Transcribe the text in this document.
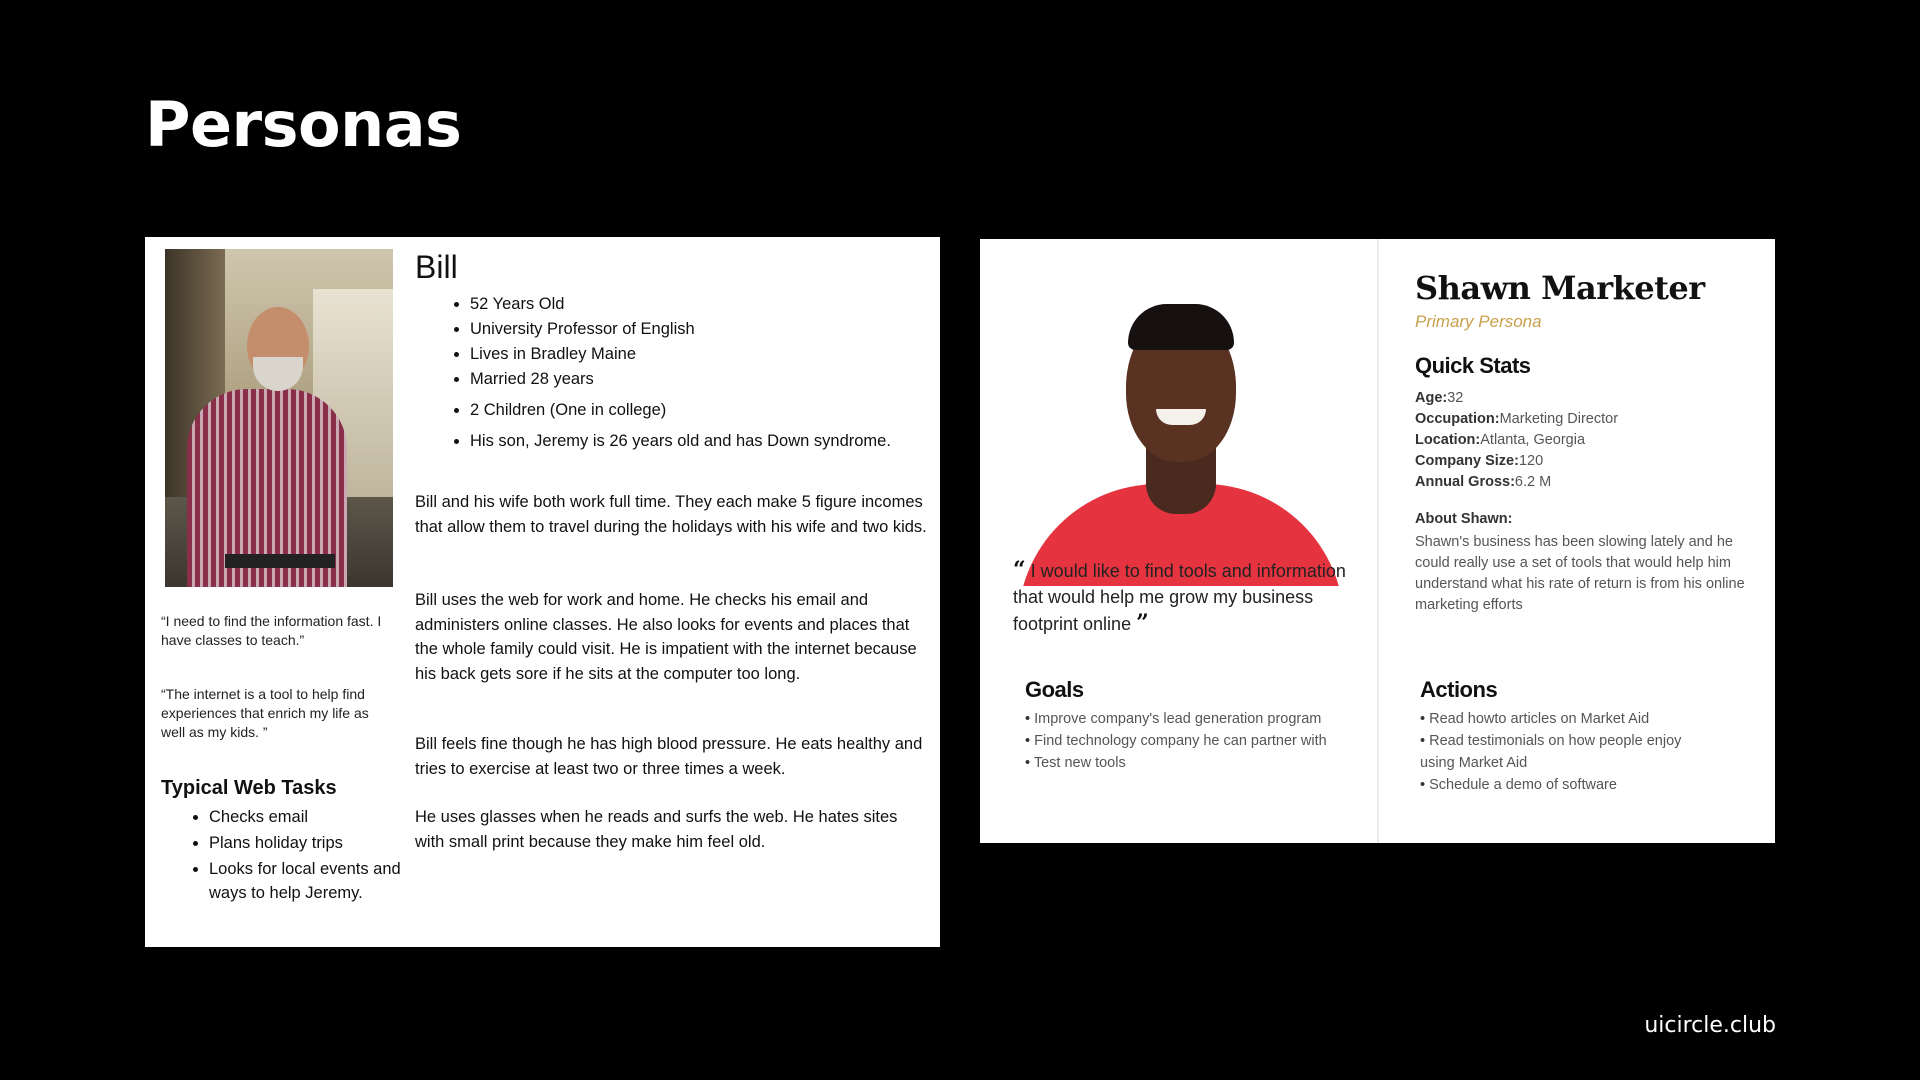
Personas

“I need to find the information fast. I have classes to teach.”

“The internet is a tool to help find experiences that enrich my life as well as my kids. ”

Typical Web Tasks
• Checks email
• Plans holiday trips
• Looks for local events and ways to help Jeremy.
Bill
• 52 Years Old
• University Professor of English
• Lives in Bradley Maine
• Married 28 years
• 2 Children (One in college)
• His son, Jeremy is 26 years old and has Down syndrome.

Bill and his wife both work full time. They each make 5 figure incomes that allow them to travel during the holidays with his wife and two kids.

Bill uses the web for work and home. He checks his email and administers online classes. He also looks for events and places that the whole family could visit. He is impatient with the internet because his back gets sore if he sits at the computer too long.

Bill feels fine though he has high blood pressure. He eats healthy and tries to exercise at least two or three times a week.

He uses glasses when he reads and surfs the web. He hates sites with small print because they make him feel old.

“ I would like to find tools and information that would help me grow my business footprint online ”

Goals
• Improve company's lead generation program
• Find technology company he can partner with
• Test new tools
Shawn Marketer

Primary Persona

Quick Stats
Age:32
Occupation:Marketing Director
Location:Atlanta, Georgia
Company Size:120
Annual Gross:6.2 M

About Shawn:

Shawn's business has been slowing lately and he could really use a set of tools that would help him understand what his rate of return is from his online marketing efforts

Actions
• Read howto articles on Market Aid
• Read testimonials on how people enjoy using Market Aid
• Schedule a demo of software
uicircle.club
